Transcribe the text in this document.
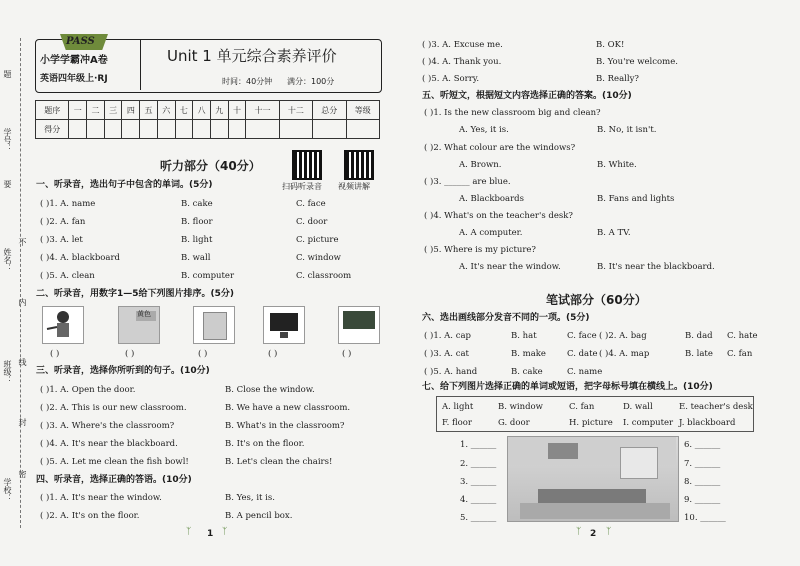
题
学号：
要
姓名：
不
内
线
班级：
封
密
学校：
PASS
小学学霸冲A卷
英语四年级上·RJ
Unit 1 单元综合素养评价
时间：40分钟 满分：100分
题序	一	二	三	四	五	六	七	八	九	十	十一	十二	总分	等级
得分														
听力部分（40分）
扫码听录音 视频讲解
一、听录音，选出句子中包含的单词。(5分)
( )1. A. name	B. cake	C. face
( )2. A. fan	B. floor	C. door
( )3. A. let	B. light	C. picture
( )4. A. blackboard	B. wall	C. window
( )5. A. clean	B. computer	C. classroom
二、听录音，用数字1—5给下列图片排序。(5分)
黄色
( )	( )	( )	( )	( )
三、听录音，选择你所听到的句子。(10分)
( )1. A. Open the door.	B. Close the window.
( )2. A. This is our new classroom.	B. We have a new classroom.
( )3. A. Where's the classroom?	B. What's in the classroom?
( )4. A. It's near the blackboard.	B. It's on the floor.
( )5. A. Let me clean the fish bowl!	B. Let's clean the chairs!
四、听录音，选择正确的答语。(10分)
( )1. A. It's near the window.	B. Yes, it is.
( )2. A. It's on the floor.	B. A pencil box.
ᛉ 1 ᛉ
( )3. A. Excuse me.	B. OK!
( )4. A. Thank you.	B. You're welcome.
( )5. A. Sorry.	B. Really?
五、听短文，根据短文内容选择正确的答案。(10分)
( )1. Is the new classroom big and clean?
A. Yes, it is.	B. No, it isn't.
( )2. What colour are the windows?
A. Brown.	B. White.
( )3. ______ are blue.
A. Blackboards	B. Fans and lights
( )4. What's on the teacher's desk?
A. A computer.	B. A TV.
( )5. Where is my picture?
A. It's near the window.	B. It's near the blackboard.
笔试部分（60分）
六、选出画线部分发音不同的一项。(5分)
( )1. A. cap	B. hat	C. face ( )2. A. bag	B. dad C. hate
( )3. A. cat	B. make C. date ( )4. A. map	B. late C. fan
( )5. A. hand	B. cake	C. name
七、给下列图片选择正确的单词或短语，把字母标号填在横线上。(10分)
A. light	B. window	C. fan	D. wall	E. teacher's desk
F. floor	G. door	H. picture I. computer J. blackboard
1. ______
2. ______
3. ______
4. ______
5. ______
6. ______
7. ______
8. ______
9. ______
10. ______
ᛉ 2 ᛉ
